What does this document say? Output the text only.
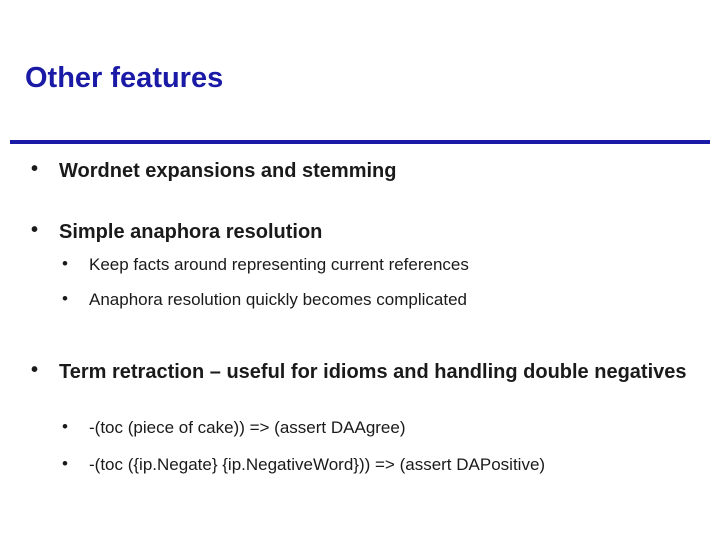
Other features
• Wordnet expansions and stemming
• Simple anaphora resolution
• Keep facts around representing current references
• Anaphora resolution quickly becomes complicated
• Term retraction – useful for idioms and handling double negatives
• -(toc (piece of cake)) => (assert DAAgree)
• -(toc ({ip.Negate} {ip.NegativeWord})) => (assert DAPositive)
